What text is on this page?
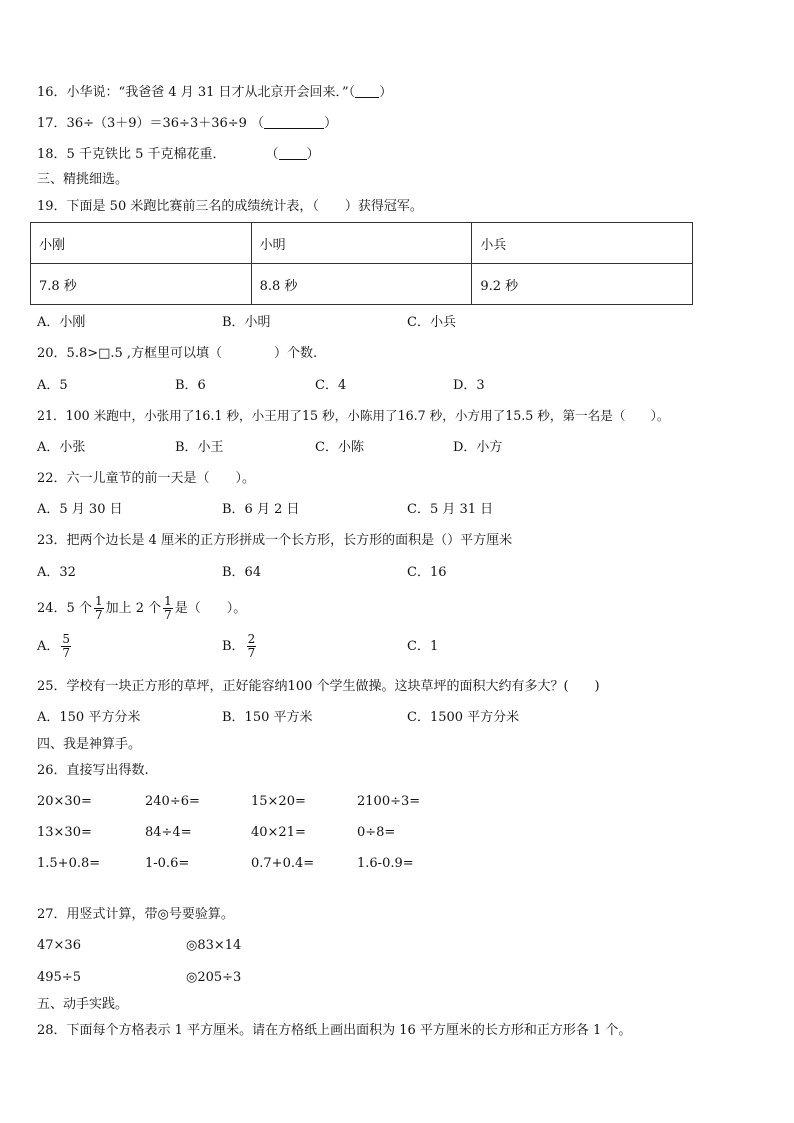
16．小华说：“我爸爸 4 月 31 日才从北京开会回来．”（ ）
17．36÷（3＋9）＝36÷3＋36÷9 （	）
18．5 千克铁比 5 千克棉花重．	（ ）
三、精挑细选。
19．下面是 50 米跑比赛前三名的成绩统计表，（　　）获得冠军。
小刚	小明	小兵
7.8 秒	8.8 秒	9.2 秒
A．小刚	B．小明	C．小兵
20．5.8>□.5 ,方框里可以填（　　　　）个数.
A．5	B．6	C．4	D．3
21．100 米跑中，小张用了16.1 秒，小王用了15 秒，小陈用了16.7 秒，小方用了15.5 秒，第一名是（　　）。
A．小张	B．小王	C．小陈	D．小方
22．六一儿童节的前一天是（　　）。
A．5 月 30 日	B．6 月 2 日	C．5 月 31 日
23．把两个边长是 4 厘米的正方形拼成一个长方形，长方形的面积是（）平方厘米
A．32	B．64	C．16
24．5 个 $\frac{1}{7}$ 加上 2 个 $\frac{1}{7}$ 是（　　）。
A． $\frac{5}{7}$	B． $\frac{2}{7}$	C．1
25．学校有一块正方形的草坪，正好能容纳100 个学生做操。这块草坪的面积大约有多大？(　　)
A．150 平方分米	B．150 平方米	C．1500 平方分米
四、我是神算手。
26．直接写出得数.
20×30=	240÷6=	15×20=	2100÷3=
13×30=	84÷4=	40×21=	0÷8=
1.5+0.8=	1-0.6=	0.7+0.4=	1.6-0.9=
27．用竖式计算，带◎号要验算。
47×36	◎83×14
495÷5	◎205÷3
五、动手实践。
28．下面每个方格表示 1 平方厘米。请在方格纸上画出面积为 16 平方厘米的长方形和正方形各 1 个。
